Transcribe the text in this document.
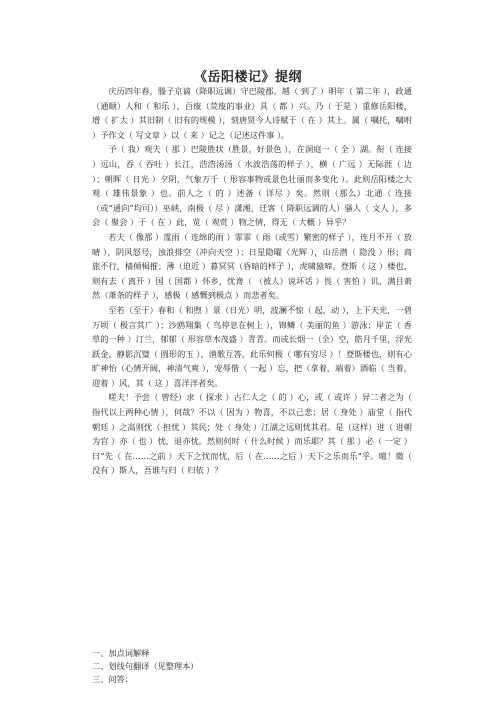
《岳阳楼记》提纲

庆历四年春，滕子京谪（降职远调）守巴陵郡。越（ 到了 ）明年（ 第二年 ），政通（通顺）人和（ 和乐 ），百废（荒废的事业）具（ 都 ）兴。乃（ 于是 ）重修岳阳楼，增（ 扩大 ）其旧制（ 旧有的规模 ），刻唐贤今人诗赋于（ 在 ）其上。属（ 嘱托，嘱咐 ）予作文（ 写文章 ）以（ 来 ）记之（记述这件事 ）。

予（ 我）观夫（ 那 ）巴陵胜状（胜景，好景色 ），在洞庭一（ 全 ）湖。衔（ 连接 ）远山，吞（ 吞吐 ）长江，浩浩汤汤（ 水波浩荡的样子 ），横（ 广远 ）无际涯（ 边 ）；朝晖（ 日光 ）夕阴，气象万千（ 形容事物或景色壮丽而多变化 ）。此则岳阳楼之大观（ 雄伟景象 ）也。前人之（ 的 ）述备（ 详尽 ）矣。然则（那么）北通（ 连接（或“通向”均可））巫峡，南极（ 尽 ）潇湘，迁客（ 降职远调的人）骚人（ 文人 ），多会（ 聚会 ）于（ 在 ）此，览（ 观赏 ）物之情，得无（ 大概 ）异乎？

若夫（ 像那 ）霪雨（ 连绵的雨 ）霏霏（ 雨（或雪）繁密的样子 ），连月不开（ 放晴 ），阴风怒号，浊浪排空（冲向天空 ）；日星隐曜（光辉 ），山岳潜（ 隐没 ）形；商旅不行，樯倾楫摧；薄（迫近 ）暮冥冥（昏暗的样子 ），虎啸猿啼。登斯（ 这 ）楼也，则有去（ 离开 ）国（ 国都 ）怀乡，忧谗（ （被人）说坏话 ）畏（ 害怕 ）讥，满目萧然（萧条的样子 ），感极（ 感慨到极点 ）而悲者矣。

至若（至于）春和（ 和煦 ）景（日光）明，波澜不惊（ 起，动 ），上下天光，一碧万顷（ 极言其广 ）；沙鸥翔集（ 鸟停息在树上 ），锦鳞（ 美丽的鱼 ）游泳；岸芷（ 香草的一种 ）汀兰，郁郁（ 形容草木茂盛 ）青青。而或长烟一（全）空，皓月千里，浮光跃金，静影沉璧（ 圆形的玉 ），渔歌互答，此乐何极（ 哪有穷尽 ）！登斯楼也，则有心旷神怡（心情开阔，神清气爽 ），宠辱偕（ 一起 ）忘，把（拿着，端着）酒临（ 当着，迎着 ）风，其（ 这 ）喜洋洋者矣。

嗟夫！予尝（ 曾经）求（ 探求 ）古仁人之（ 的 ）心，或（ 或许 ）异二者之为（ 指代以上两种心情 ），何哉？不以（ 因为 ）物喜，不以己悲；居（ 身处 ）庙堂（ 指代朝廷 ）之高则忧（ 担忧 ）其民；处（ 身处 ）江湖之远则忧其君。是（这样）进（ 进朝为官 ）亦（ 也 ）忧，退亦忧。然则何时（ 什么时候 ）而乐耶？其（ 那 ）必（ 一定 ）曰“先（ 在……之前 ）天下之忧而忧，后（ 在……之后 ）天下之乐而乐”乎。噫！微（ 没有 ）斯人，吾谁与归（ 归依 ）？

一、加点词解释
二、划线句翻译（见整理本）
三、问答：
